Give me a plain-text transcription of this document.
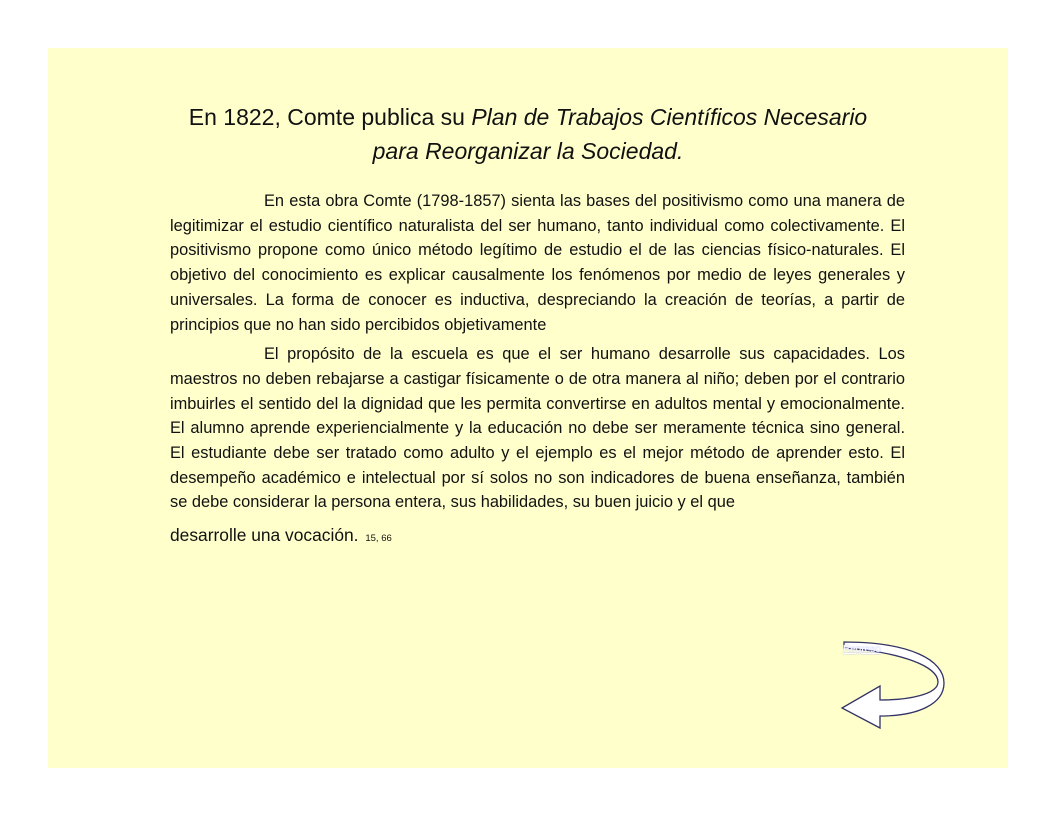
En 1822, Comte publica su Plan de Trabajos Científicos Necesario
para Reorganizar la Sociedad.

En esta obra Comte (1798-1857) sienta las bases del positivismo como una manera de legitimizar el estudio científico naturalista del ser humano, tanto individual como colectivamente. El positivismo propone como único método legítimo de estudio el de las ciencias físico-naturales. El objetivo del conocimiento es explicar causalmente los fenómenos por medio de leyes generales y universales. La forma de conocer es inductiva, despreciando la creación de teorías, a partir de principios que no han sido percibidos objetivamente

El propósito de la escuela es que el ser humano desarrolle sus capacidades. Los maestros no deben rebajarse a castigar físicamente o de otra manera al niño; deben por el contrario imbuirles el sentido del la dignidad que les permita convertirse en adultos mental y emocionalmente. El alumno aprende experiencialmente y la educación no debe ser meramente técnica sino general. El estudiante debe ser tratado como adulto y el ejemplo es el mejor método de aprender esto. El desempeño académico e intelectual por sí solos no son indicadores de buena enseñanza, también se debe considerar la persona entera, sus habilidades, su buen juicio y el que

desarrolle una vocación. 15, 66
Regreso
